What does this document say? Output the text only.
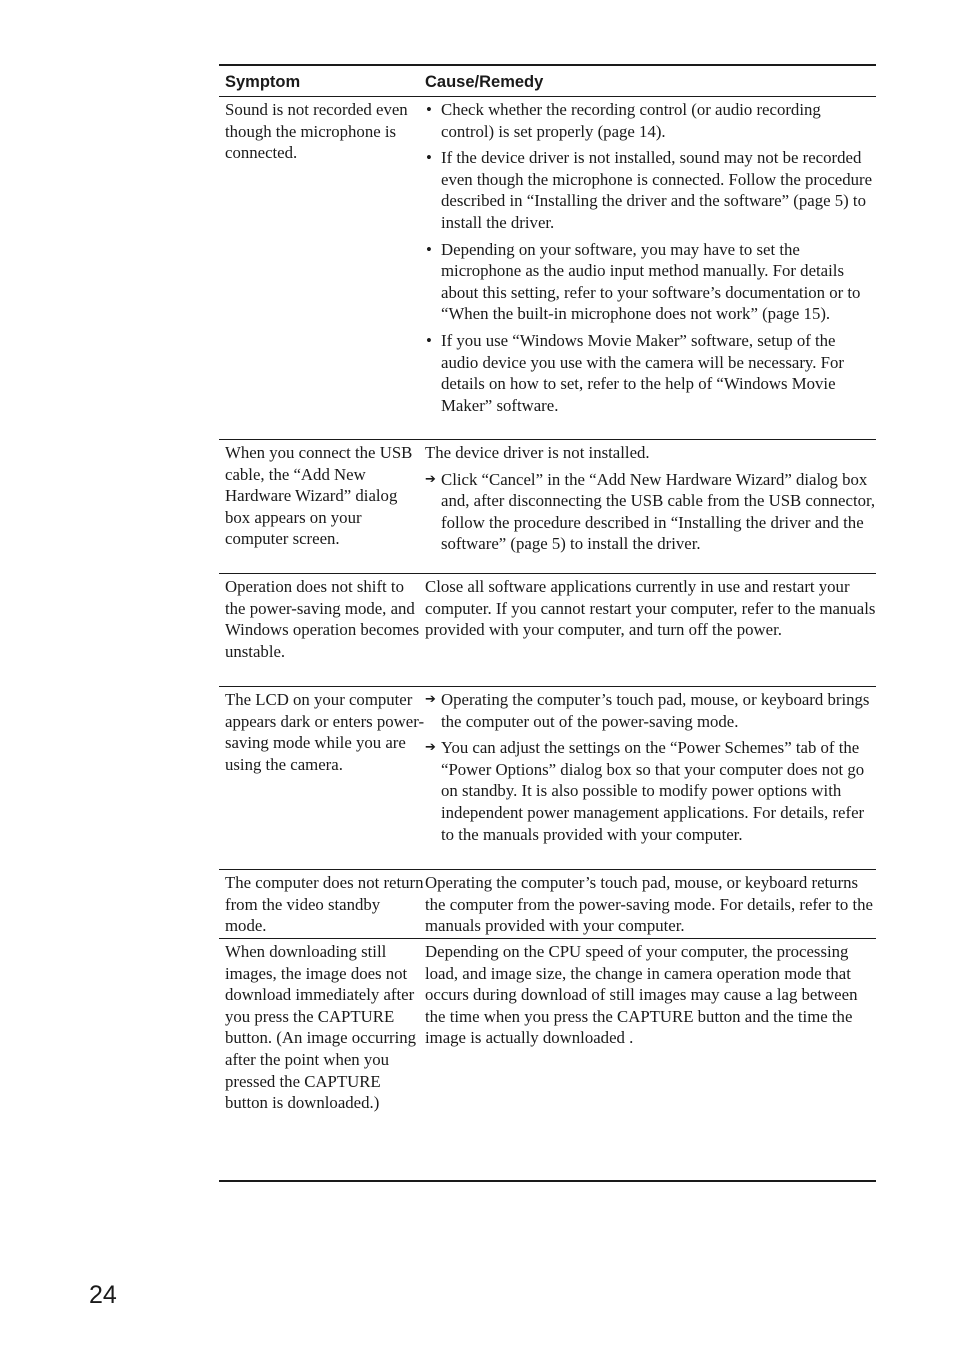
Symptom	Cause/Remedy
Sound is not recorded even though the microphone is connected.
• Check whether the recording control (or audio recording control) is set properly (page 14).
• If the device driver is not installed, sound may not be recorded even though the microphone is connected. Follow the procedure described in “Installing the driver and the software” (page 5) to install the driver.
• Depending on your software, you may have to set the microphone as the audio input method manually. For details about this setting, refer to your software’s documentation or to “When the built-in microphone does not work” (page 15).
• If you use “Windows Movie Maker” software, setup of the audio device you use with the camera will be necessary. For details on how to set, refer to the help of “Windows Movie Maker” software.
When you connect the USB cable, the “Add New Hardware Wizard” dialog box appears on your computer screen.

The device driver is not installed.

➔ Click “Cancel” in the “Add New Hardware Wizard” dialog box and, after disconnecting the USB cable from the USB connector, follow the procedure described in “Installing the driver and the software” (page 5) to install the driver.
Operation does not shift to the power-saving mode, and Windows operation becomes unstable.
Close all software applications currently in use and restart your computer. If you cannot restart your computer, refer to the manuals provided with your computer, and turn off the power.
The LCD on your computer appears dark or enters power-saving mode while you are using the camera.
➔ Operating the computer’s touch pad, mouse, or keyboard brings the computer out of the power-saving mode.
➔ You can adjust the settings on the “Power Schemes” tab of the “Power Options” dialog box so that your computer does not go on standby. It is also possible to modify power options with independent power management applications. For details, refer to the manuals provided with your computer.
The computer does not return from the video standby mode.
Operating the computer’s touch pad, mouse, or keyboard returns the computer from the power-saving mode. For details, refer to the manuals provided with your computer.
When downloading still images, the image does not download immediately after you press the CAPTURE button. (An image occurring after the point when you pressed the CAPTURE button is downloaded.)
Depending on the CPU speed of your computer, the processing load, and image size, the change in camera operation mode that occurs during download of still images may cause a lag between the time when you press the CAPTURE button and the time the image is actually downloaded .
24
